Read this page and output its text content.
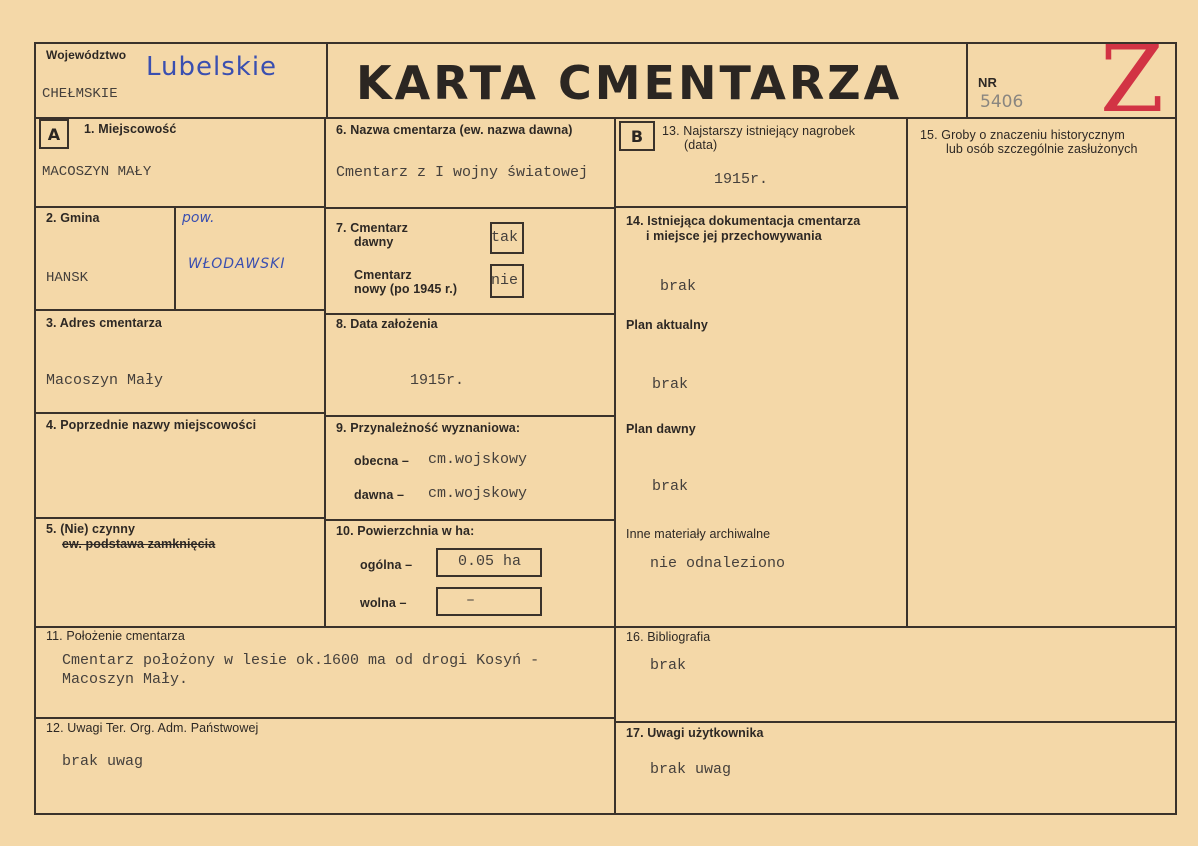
Województwo Lubelskie
CHEŁMSKIE	KARTA CMENTARZA	NR
5406 Z
A	B
1. Miejscowość
MACOSZYN MAŁY
2. Gmina
HANSK
pow.
WŁODAWSKI
3. Adres cmentarza
Macoszyn Mały
4. Poprzednie nazwy miejscowości
5. (Nie) czynny
ew. podstawa zamknięcia
6. Nazwa cmentarza (ew. nazwa dawna)
Cmentarz z I wojny światowej
7. Cmentarz
dawny	tak
Cmentarz
nowy (po 1945 r.) nie
8. Data założenia
1915r.
9. Przynależność wyznaniowa:
obecna – cm.wojskowy
dawna – cm.wojskowy
10. Powierzchnia w ha:
ogólna –	0.05 ha
wolna –	–
11. Położenie cmentarza
Cmentarz położony w lesie ok.1600 ma od drogi Kosyń -
Macoszyn Mały.
12. Uwagi Ter. Org. Adm. Państwowej
brak uwag
13. Najstarszy istniejący nagrobek
(data)
1915r.
14. Istniejąca dokumentacja cmentarza
i miejsce jej przechowywania
brak
Plan aktualny
brak
Plan dawny
brak
Inne materiały archiwalne
nie odnaleziono
15. Groby o znaczeniu historycznym
lub osób szczególnie zasłużonych
16. Bibliografia
brak
17. Uwagi użytkownika
brak uwag
